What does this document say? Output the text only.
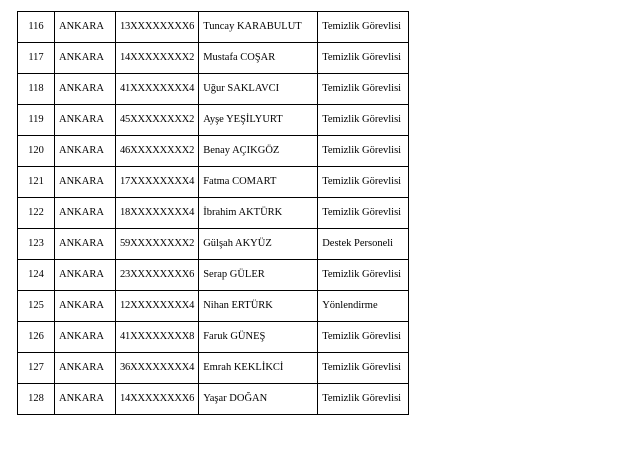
116	ANKARA	13XXXXXXXX6	Tuncay KARABULUT	Temizlik Görevlisi
117	ANKARA	14XXXXXXXX2	Mustafa COŞAR	Temizlik Görevlisi
118	ANKARA	41XXXXXXXX4	Uğur SAKLAVCI	Temizlik Görevlisi
119	ANKARA	45XXXXXXXX2	Ayşe YEŞİLYURT	Temizlik Görevlisi
120	ANKARA	46XXXXXXXX2	Benay AÇIKGÖZ	Temizlik Görevlisi
121	ANKARA	17XXXXXXXX4	Fatma COMART	Temizlik Görevlisi
122	ANKARA	18XXXXXXXX4	İbrahim AKTÜRK	Temizlik Görevlisi
123	ANKARA	59XXXXXXXX2	Gülşah AKYÜZ	Destek Personeli
124	ANKARA	23XXXXXXXX6	Serap GÜLER	Temizlik Görevlisi
125	ANKARA	12XXXXXXXX4	Nihan ERTÜRK	Yönlendirme
126	ANKARA	41XXXXXXXX8	Faruk GÜNEŞ	Temizlik Görevlisi
127	ANKARA	36XXXXXXXX4	Emrah KEKLİKCİ	Temizlik Görevlisi
128	ANKARA	14XXXXXXXX6	Yaşar DOĞAN	Temizlik Görevlisi
